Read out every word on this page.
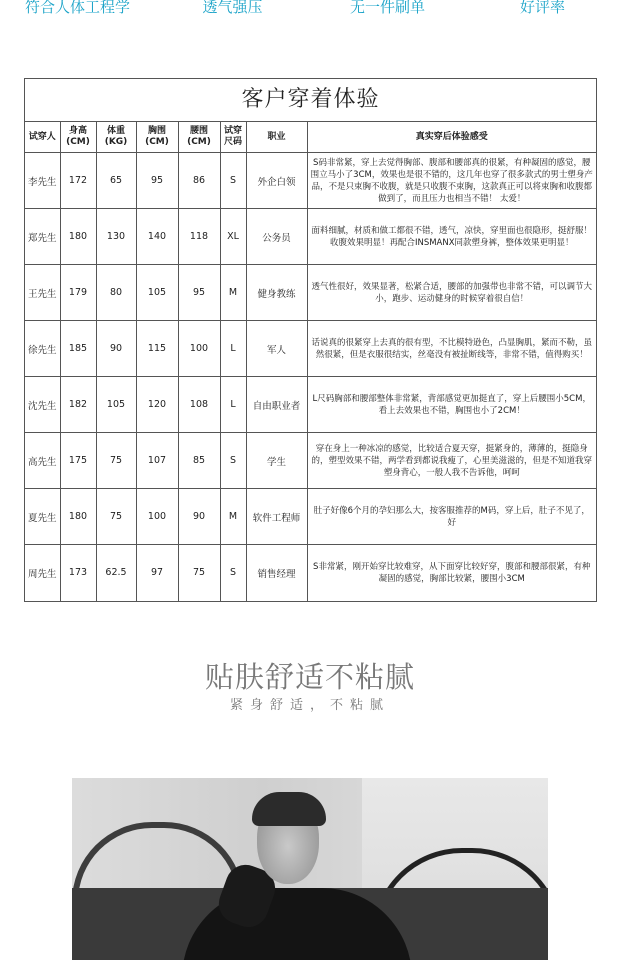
符合人体工程学	透气强压	无一件刷单	好评率
客户穿着体验
试穿人	身高(CM)	体重(KG)	胸围(CM)	腰围(CM)	试穿尺码	职业	真实穿后体验感受
李先生	172	65	95	86	S	外企白领	S码非常紧，穿上去觉得胸部、腹部和腰部真的很紧，有种凝固的感觉，腰围立马小了3CM，效果也是很不错的，这几年也穿了很多款式的男士塑身产品，不是只束胸不收腹，就是只收腹不束胸，这款真正可以将束胸和收腹都做到了，而且压力也相当不错！ 太爱！
郑先生	180	130	140	118	XL	公务员	面料细腻，材质和做工都很不错，透气，凉快，穿里面也很隐形，挺舒服！收腹效果明显！再配合INSMANX同款塑身裤，整体效果更明显！
王先生	179	80	105	95	M	健身教练	透气性很好，效果显著，松紧合适，腰部的加强带也非常不错，可以调节大小，跑步、运动健身的时候穿着很自信！
徐先生	185	90	115	100	L	军人	话说真的很紧穿上去真的很有型，不比模特逊色，凸显胸肌，紧而不勒，虽然很紧，但是衣服很结实，丝毫没有被扯断线等，非常不错，值得购买！
沈先生	182	105	120	108	L	自由职业者	L尺码胸部和腰部整体非常紧，背部感觉更加挺直了，穿上后腰围小5CM，看上去效果也不错，胸围也小了2CM！
高先生	175	75	107	85	S	学生	穿在身上一种冰凉的感觉，比较适合夏天穿，挺紧身的，薄薄的，挺隐身的，塑型效果不错，两学看到都说我瘦了，心里美滋滋的，但是不知道我穿塑身背心，一般人我不告诉他，呵呵
夏先生	180	75	100	90	M	软件工程师	肚子好像6个月的孕妇那么大，按客服推荐的M码，穿上后，肚子不见了，好
周先生	173	62.5	97	75	S	销售经理	S非常紧，刚开始穿比较难穿，从下面穿比较好穿，腹部和腰部很紧，有种凝固的感觉，胸部比较紧，腰围小3CM
贴肤舒适不粘腻
紧身舒适，不粘腻
